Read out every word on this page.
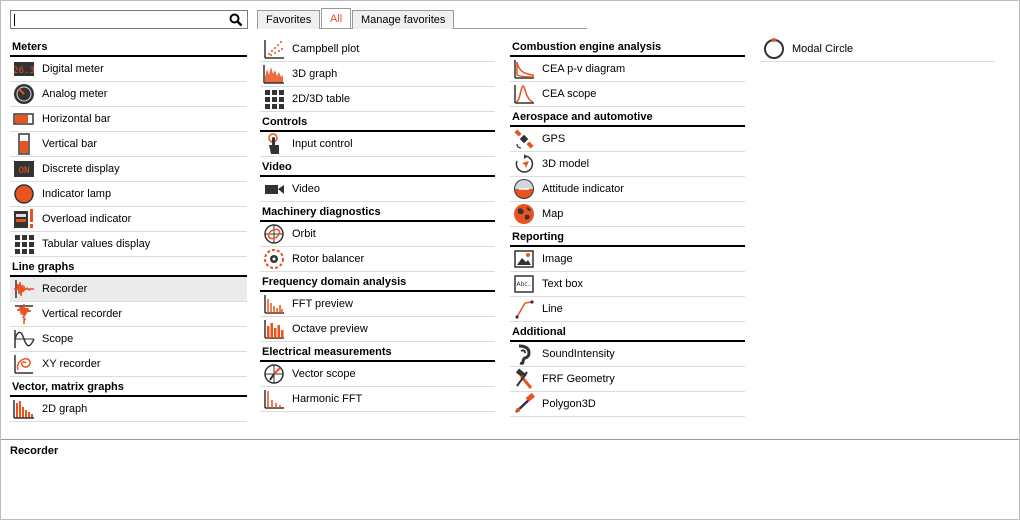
Favorites	All	Manage favorites
Meters
26.3 Digital meter
Analog meter
Horizontal bar
Vertical bar
ON Discrete display
Indicator lamp
Overload indicator
Tabular values display
Line graphs
Recorder
Vertical recorder
Scope
XY recorder
Vector, matrix graphs
2D graph
Campbell plot
3D graph
2D/3D table
Controls
Input control
Video
Video
Machinery diagnostics
Orbit
Rotor balancer
Frequency domain analysis
FFT preview
Octave preview
Electrical measurements
Vector scope
Harmonic FFT
Combustion engine analysis
CEA p-v diagram
CEA scope
Aerospace and automotive
GPS
3D model
Attitude indicator
Map
Reporting
Image
Abc.. Text box
Line
Additional
SoundIntensity
FRF Geometry
Polygon3D
Modal Circle
Recorder
